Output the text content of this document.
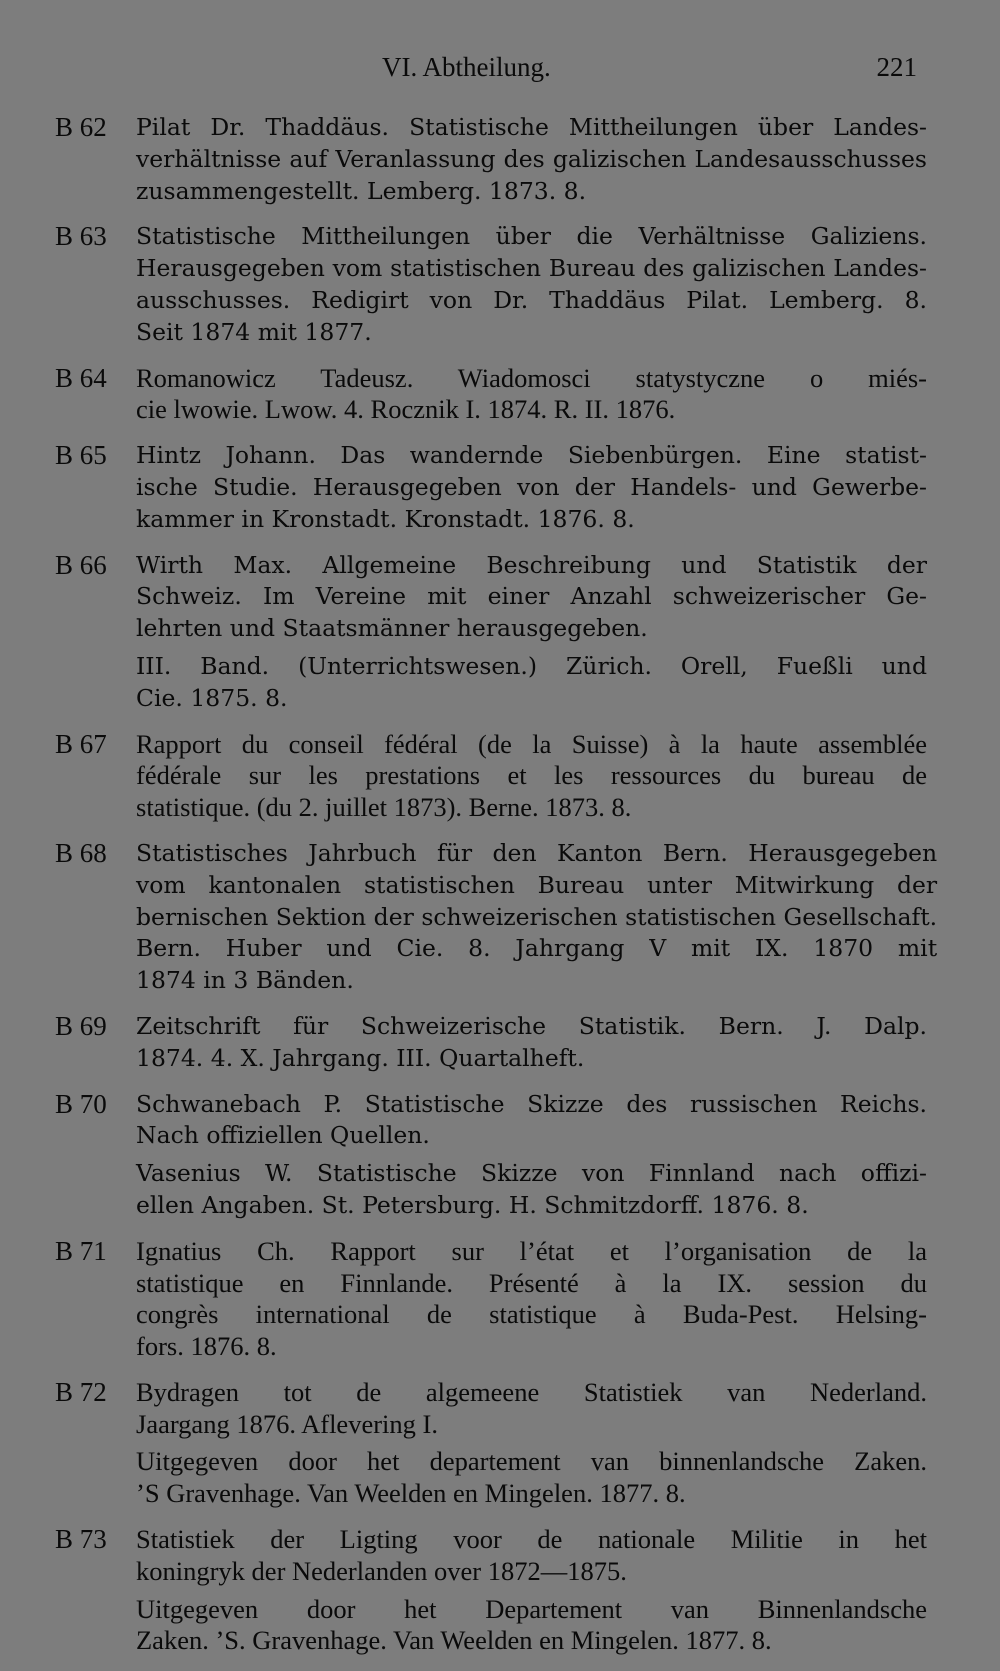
VI. Abtheilung.	221
B 62	Pilat Dr. Thaddäus. Statistische Mittheilungen über Landes-
verhältnisse auf Veranlassung des galizischen Landesausschusses
zusammengestellt. Lemberg. 1873. 8.

B 63	Statistische Mittheilungen über die Verhältnisse Galiziens.
Herausgegeben vom statistischen Bureau des galizischen Landes-
ausschusses. Redigirt von Dr. Thaddäus Pilat. Lemberg. 8.
Seit 1874 mit 1877.

B 64	Romanowicz Tadeusz. Wiadomosci statystyczne o miés-
cie lwowie. Lwow. 4. Rocznik I. 1874. R. II. 1876.

B 65	Hintz Johann. Das wandernde Siebenbürgen. Eine statist-
ische Studie. Herausgegeben von der Handels- und Gewerbe-
kammer in Kronstadt. Kronstadt. 1876. 8.

B 66	Wirth Max. Allgemeine Beschreibung und Statistik der
Schweiz. Im Vereine mit einer Anzahl schweizerischer Ge-
lehrten und Staatsmänner herausgegeben.

III. Band. (Unterrichtswesen.) Zürich. Orell, Fueßli und
Cie. 1875. 8.

B 67	Rapport du conseil fédéral (de la Suisse) à la haute assemblée
fédérale sur les prestations et les ressources du bureau de
statistique. (du 2. juillet 1873). Berne. 1873. 8.

B 68	Statistisches Jahrbuch für den Kanton Bern. Herausgegeben
vom kantonalen statistischen Bureau unter Mitwirkung der
bernischen Sektion der schweizerischen statistischen Gesellschaft.
Bern. Huber und Cie. 8. Jahrgang V mit IX. 1870 mit
1874 in 3 Bänden.

B 69	Zeitschrift für Schweizerische Statistik. Bern. J. Dalp.
1874. 4. X. Jahrgang. III. Quartalheft.

B 70	Schwanebach P. Statistische Skizze des russischen Reichs.
Nach offiziellen Quellen.

Vasenius W. Statistische Skizze von Finnland nach offizi-
ellen Angaben. St. Petersburg. H. Schmitzdorff. 1876. 8.

B 71	Ignatius Ch. Rapport sur l’état et l’organisation de la
statistique en Finnlande. Présenté à la IX. session du
congrès international de statistique à Buda-Pest. Helsing-
fors. 1876. 8.

B 72	Bydragen tot de algemeene Statistiek van Nederland.
Jaargang 1876. Aflevering I.

Uitgegeven door het departement van binnenlandsche Zaken.
’S Gravenhage. Van Weelden en Mingelen. 1877. 8.

B 73	Statistiek der Ligting voor de nationale Militie in het
koningryk der Nederlanden over 1872—1875.

Uitgegeven door het Departement van Binnenlandsche
Zaken. ’S. Gravenhage. Van Weelden en Mingelen. 1877. 8.
